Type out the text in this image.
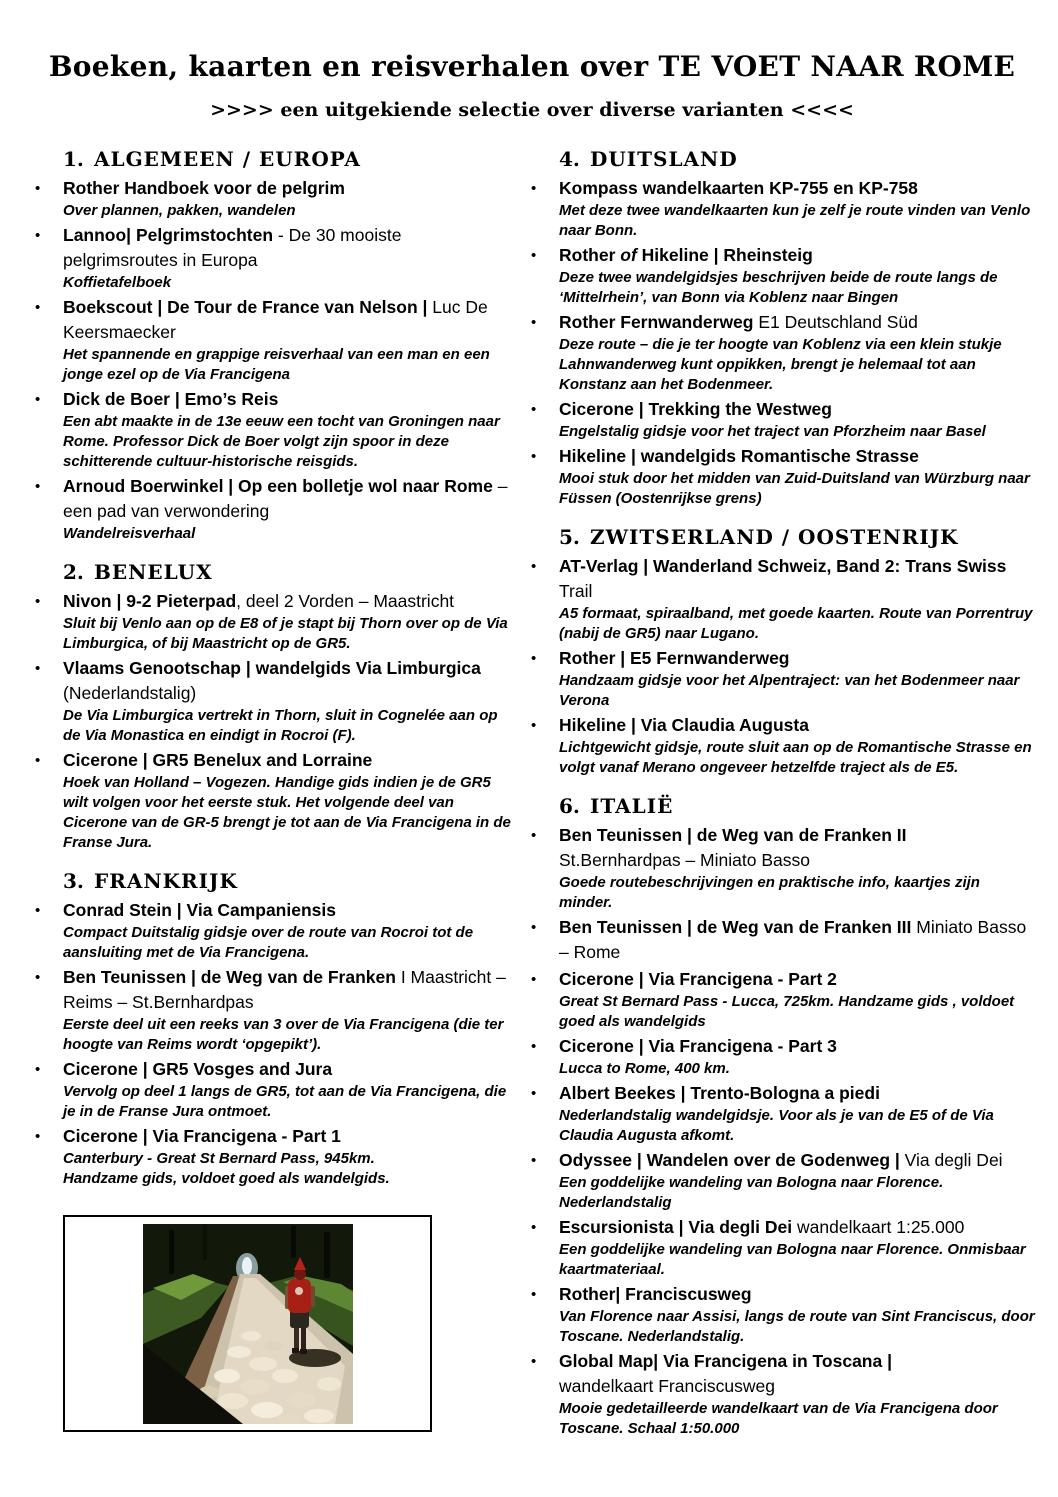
Boeken, kaarten en reisverhalen over TE VOET NAAR ROME
>>>> een uitgekiende selectie over diverse varianten <<<<
1. ALGEMEEN / EUROPA
•	Rother Handboek voor de pelgrim
Over plannen, pakken, wandelen
•	Lannoo| Pelgrimstochten - De 30 mooiste pelgrimsroutes in Europa
Koffietafelboek
•	Boekscout | De Tour de France van Nelson | Luc De Keersmaecker
Het spannende en grappige reisverhaal van een man en een jonge ezel op de Via Francigena
•	Dick de Boer | Emo’s Reis
Een abt maakte in de 13e eeuw een tocht van Groningen naar Rome. Professor Dick de Boer volgt zijn spoor in deze schitterende cultuur-historische reisgids.
•	Arnoud Boerwinkel | Op een bolletje wol naar Rome – een pad van verwondering
Wandelreisverhaal
2. BENELUX
•	Nivon | 9-2 Pieterpad, deel 2 Vorden – Maastricht
Sluit bij Venlo aan op de E8 of je stapt bij Thorn over op de Via Limburgica, of bij Maastricht op de GR5.
•	Vlaams Genootschap | wandelgids Via Limburgica (Nederlandstalig)
De Via Limburgica vertrekt in Thorn, sluit in Cognelée aan op de Via Monastica en eindigt in Rocroi (F).
•	Cicerone | GR5 Benelux and Lorraine
Hoek van Holland – Vogezen. Handige gids indien je de GR5 wilt volgen voor het eerste stuk. Het volgende deel van Cicerone van de GR-5 brengt je tot aan de Via Francigena in de Franse Jura.
3. FRANKRIJK
•	Conrad Stein | Via Campaniensis
Compact Duitstalig gidsje over de route van Rocroi tot de aansluiting met de Via Francigena.
•	Ben Teunissen | de Weg van de Franken I Maastricht – Reims – St.Bernhardpas
Eerste deel uit een reeks van 3 over de Via Francigena (die ter hoogte van Reims wordt ‘opgepikt’).
•	Cicerone | GR5 Vosges and Jura
Vervolg op deel 1 langs de GR5, tot aan de Via Francigena, die je in de Franse Jura ontmoet.
•	Cicerone | Via Francigena - Part 1
Canterbury - Great St Bernard Pass, 945km.
Handzame gids, voldoet goed als wandelgids.
4. DUITSLAND
•	Kompass wandelkaarten KP-755 en KP-758
Met deze twee wandelkaarten kun je zelf je route vinden van Venlo naar Bonn.
•	Rother of Hikeline | Rheinsteig
Deze twee wandelgidsjes beschrijven beide de route langs de ‘Mittelrhein’, van Bonn via Koblenz naar Bingen
•	Rother Fernwanderweg E1 Deutschland Süd
Deze route – die je ter hoogte van Koblenz via een klein stukje Lahnwanderweg kunt oppikken, brengt je helemaal tot aan Konstanz aan het Bodenmeer.
•	Cicerone | Trekking the Westweg
Engelstalig gidsje voor het traject van Pforzheim naar Basel
•	Hikeline | wandelgids Romantische Strasse
Mooi stuk door het midden van Zuid-Duitsland van Würzburg naar Füssen (Oostenrijkse grens)
5. ZWITSERLAND / OOSTENRIJK
•	AT-Verlag | Wanderland Schweiz, Band 2: Trans Swiss Trail
A5 formaat, spiraalband, met goede kaarten. Route van Porrentruy (nabij de GR5) naar Lugano.
•	Rother | E5 Fernwanderweg
Handzaam gidsje voor het Alpentraject: van het Bodenmeer naar Verona
•	Hikeline | Via Claudia Augusta
Lichtgewicht gidsje, route sluit aan op de Romantische Strasse en volgt vanaf Merano ongeveer hetzelfde traject als de E5.
6. ITALIË
•	Ben Teunissen | de Weg van de Franken II
St.Bernhardpas – Miniato Basso
Goede routebeschrijvingen en praktische info, kaartjes zijn minder.
•	Ben Teunissen | de Weg van de Franken III Miniato Basso – Rome
•	Cicerone | Via Francigena - Part 2
Great St Bernard Pass - Lucca, 725km. Handzame gids , voldoet goed als wandelgids
•	Cicerone | Via Francigena - Part 3
Lucca to Rome, 400 km.
•	Albert Beekes | Trento-Bologna a piedi
Nederlandstalig wandelgidsje. Voor als je van de E5 of de Via Claudia Augusta afkomt.
•	Odyssee | Wandelen over de Godenweg | Via degli Dei
Een goddelijke wandeling van Bologna naar Florence.
Nederlandstalig
•	Escursionista | Via degli Dei wandelkaart 1:25.000
Een goddelijke wandeling van Bologna naar Florence. Onmisbaar kaartmateriaal.
•	Rother| Franciscusweg
Van Florence naar Assisi, langs de route van Sint Franciscus, door Toscane. Nederlandstalig.
•	Global Map| Via Francigena in Toscana |
wandelkaart Franciscusweg
Mooie gedetailleerde wandelkaart van de Via Francigena door Toscane. Schaal 1:50.000
